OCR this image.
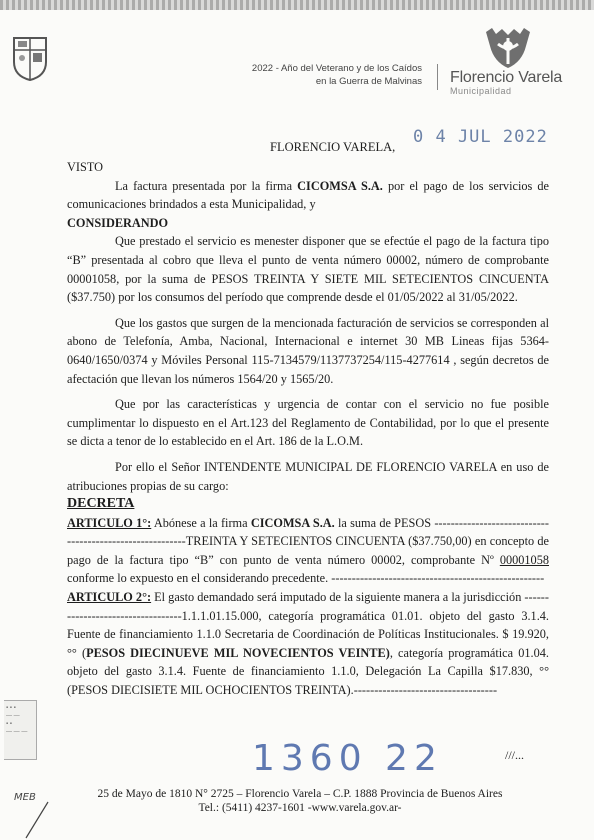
2022 - Año del Veterano y de los Caídos
en la Guerra de Malvinas Florencio Varela
Municipalidad
FLORENCIO VARELA, 0 4 JUL 2022

VISTO

La factura presentada por la firma CICOMSA S.A. por el pago de los servicios de comunicaciones brindados a esta Municipalidad, y

CONSIDERANDO

Que prestado el servicio es menester disponer que se efectúe el pago de la factura tipo “B” presentada al cobro que lleva el punto de venta número 00002, número de comprobante 00001058, por la suma de PESOS TREINTA Y SIETE MIL SETECIENTOS CINCUENTA ($37.750) por los consumos del período que comprende desde el 01/05/2022 al 31/05/2022.

Que los gastos que surgen de la mencionada facturación de servicios se corresponden al abono de Telefonía, Amba, Nacional, Internacional e internet 30 MB Lineas fijas 5364-0640/1650/0374 y Móviles Personal 115-7134579/1137737254/115-4277614 , según decretos de afectación que llevan los números 1564/20 y 1565/20.

Que por las características y urgencia de contar con el servicio no fue posible cumplimentar lo dispuesto en el Art.123 del Reglamento de Contabilidad, por lo que el presente se dicta a tenor de lo establecido en el Art. 186 de la L.O.M.

Por ello el Señor INTENDENTE MUNICIPAL DE FLORENCIO VARELA en uso de atribuciones propias de su cargo:

DECRETA

ARTICULO 1°: Abónese a la firma CICOMSA S.A. la suma de PESOS ---------------------------------------------------------TREINTA Y SETECIENTOS CINCUENTA ($37.750,00) en concepto de pago de la factura tipo “B” con punto de venta número 00002, comprobante Nº 00001058 conforme lo expuesto en el considerando precedente. ----------------------------------------------------

ARTICULO 2°: El gasto demandado será imputado de la siguiente manera a la jurisdicción ----------------------------------1.1.1.01.15.000, categoría programática 01.01. objeto del gasto 3.1.4. Fuente de financiamiento 1.1.0 Secretaria de Coordinación de Políticas Institucionales. $ 19.920, °° (PESOS DIECINUEVE MIL NOVECIENTOS VEINTE), categoría programática 01.04. objeto del gasto 3.1.4. Fuente de financiamiento 1.1.0, Delegación La Capilla $17.830, °° (PESOS DIECISIETE MIL OCHOCIENTOS TREINTA).-----------------------------------

▪ ▪ ▪
— —
▪ ▪
— — —
MEB
1360 22	///...
25 de Mayo de 1810 N° 2725 – Florencio Varela – C.P. 1888 Provincia de Buenos Aires
Tel.: (5411) 4237-1601 -www.varela.gov.ar-
